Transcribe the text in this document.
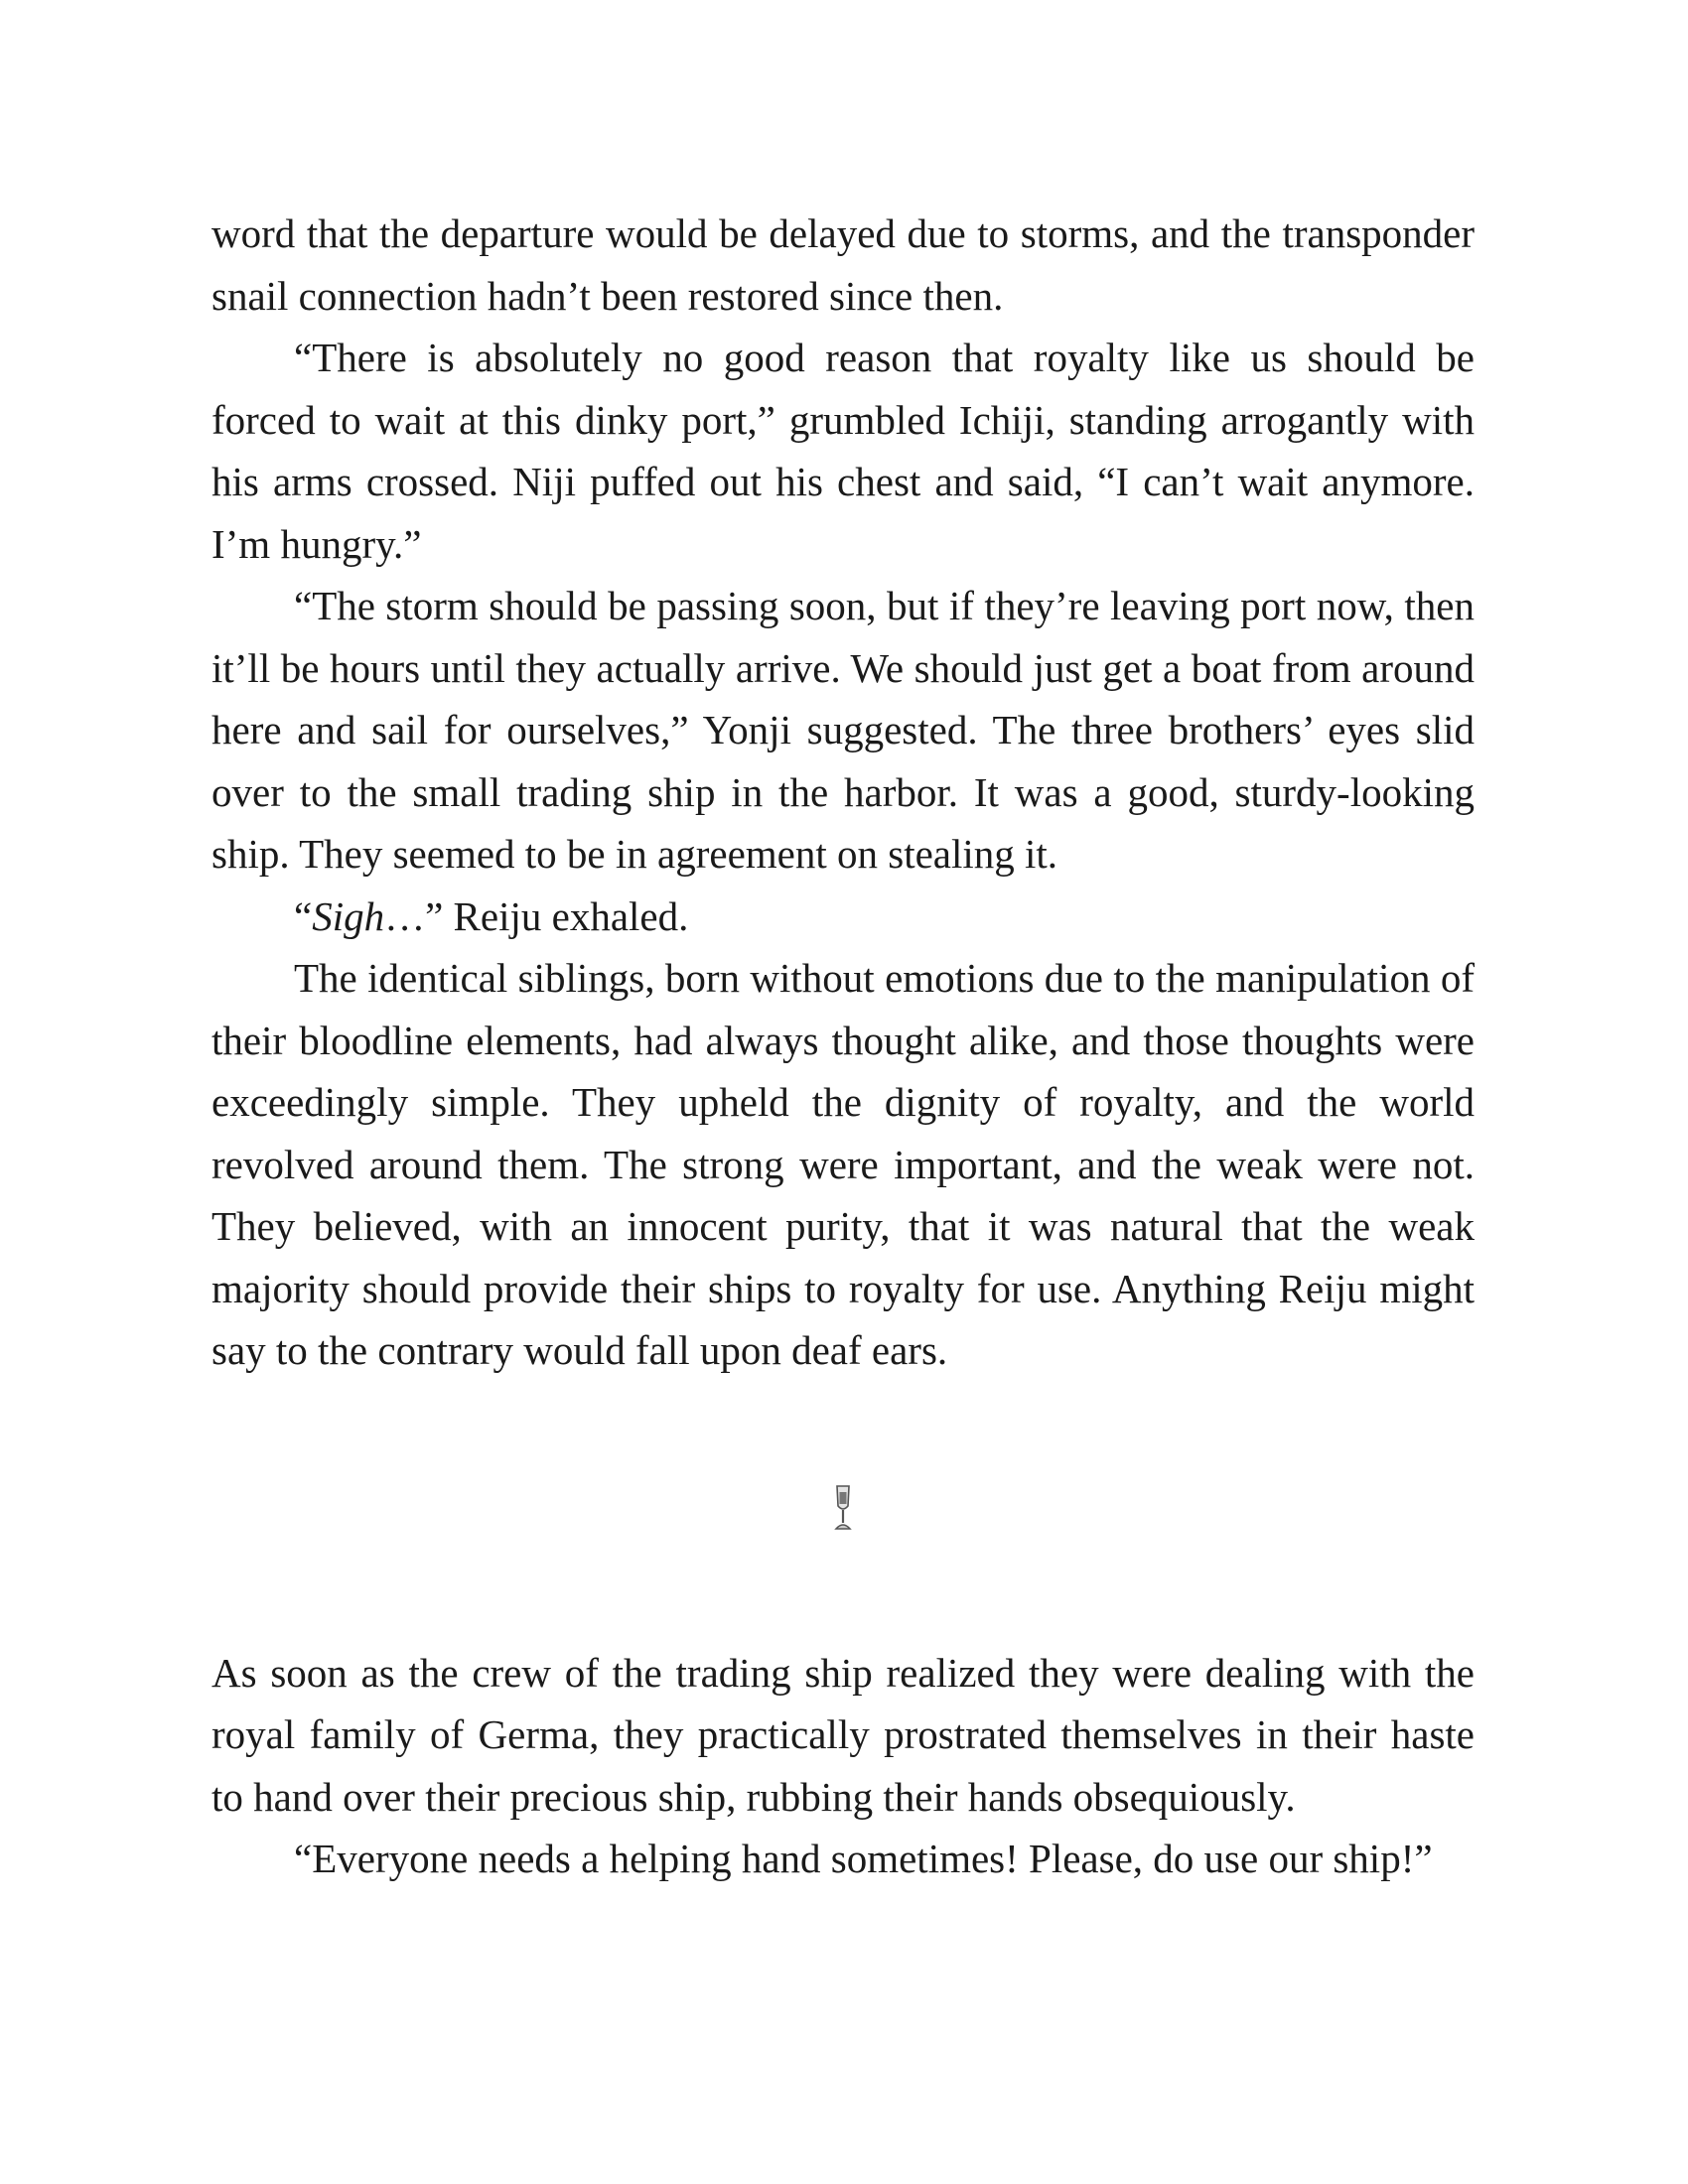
word that the departure would be delayed due to storms, and the transponder snail connection hadn’t been restored since then.

“There is absolutely no good reason that royalty like us should be forced to wait at this dinky port,” grumbled Ichiji, standing arrogantly with his arms crossed. Niji puffed out his chest and said, “I can’t wait anymore. I’m hungry.”

“The storm should be passing soon, but if they’re leaving port now, then it’ll be hours until they actually arrive. We should just get a boat from around here and sail for ourselves,” Yonji suggested. The three brothers’ eyes slid over to the small trading ship in the harbor. It was a good, sturdy-looking ship. They seemed to be in agreement on stealing it.

“Sigh…” Reiju exhaled.

The identical siblings, born without emotions due to the manipulation of their bloodline elements, had always thought alike, and those thoughts were exceedingly simple. They upheld the dignity of royalty, and the world revolved around them. The strong were important, and the weak were not. They believed, with an innocent purity, that it was natural that the weak majority should provide their ships to royalty for use. Anything Reiju might say to the contrary would fall upon deaf ears.

As soon as the crew of the trading ship realized they were dealing with the royal family of Germa, they practically prostrated themselves in their haste to hand over their precious ship, rubbing their hands obsequiously.

“Everyone needs a helping hand sometimes! Please, do use our ship!”
